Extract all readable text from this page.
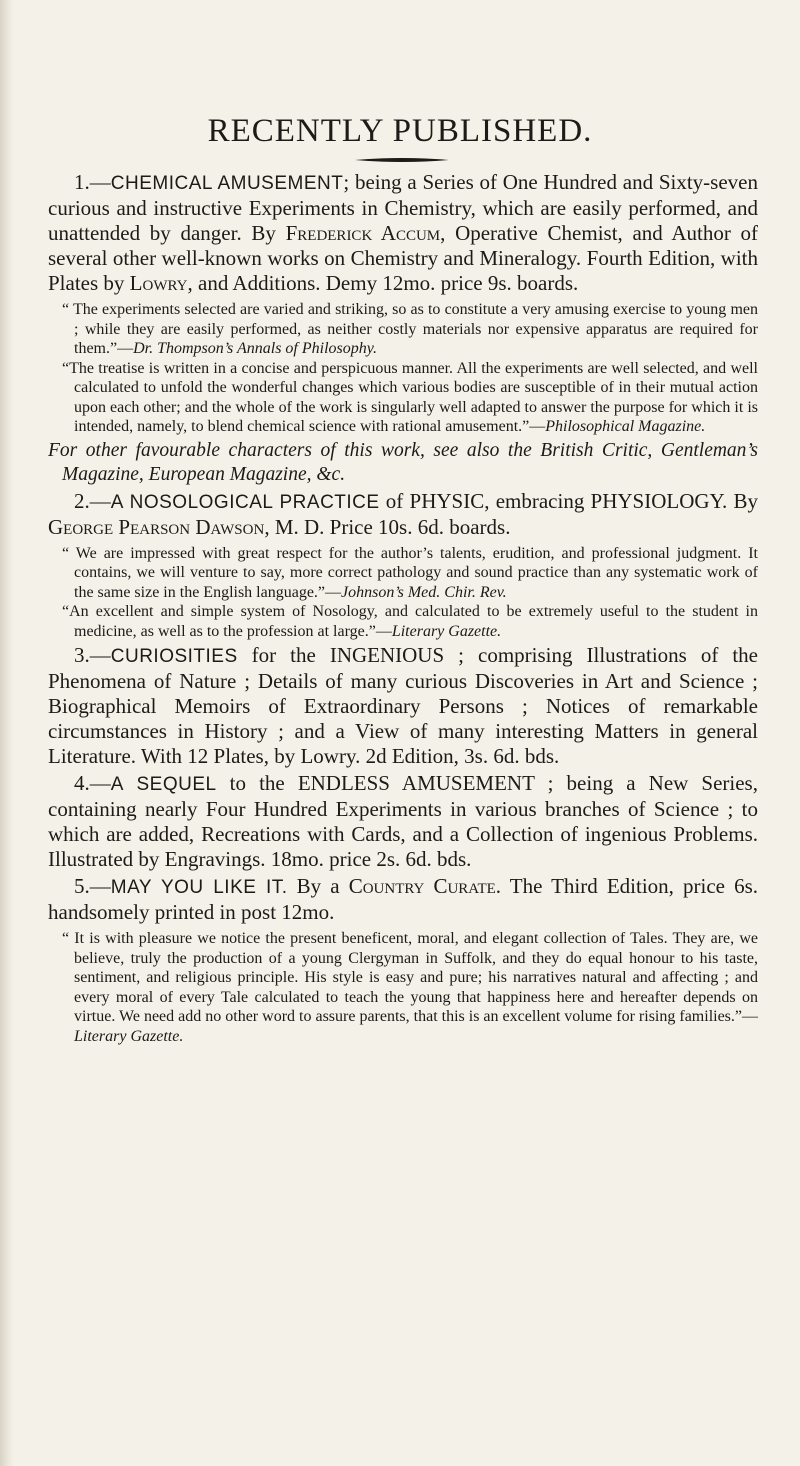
RECENTLY PUBLISHED.

1.—CHEMICAL AMUSEMENT; being a Series of One Hundred and Sixty-seven curious and instructive Experiments in Chemistry, which are easily performed, and unattended by danger. By Frederick Accum, Operative Chemist, and Author of several other well-known works on Chemistry and Mineralogy. Fourth Edition, with Plates by Lowry, and Additions. Demy 12mo. price 9s. boards.

“ The experiments selected are varied and striking, so as to constitute a very amusing exercise to young men ; while they are easily performed, as neither costly materials nor expensive apparatus are required for them.”—Dr. Thompson’s Annals of Philosophy.

“The treatise is written in a concise and perspicuous manner. All the experiments are well selected, and well calculated to unfold the wonderful changes which various bodies are susceptible of in their mutual action upon each other; and the whole of the work is singularly well adapted to answer the purpose for which it is intended, namely, to blend chemical science with rational amusement.”—Philosophical Magazine.

For other favourable characters of this work, see also the British Critic, Gentleman’s Magazine, European Magazine, &c.

2.—A NOSOLOGICAL PRACTICE of PHYSIC, embracing PHYSIOLOGY. By George Pearson Dawson, M. D. Price 10s. 6d. boards.

“ We are impressed with great respect for the author’s talents, erudition, and professional judgment. It contains, we will venture to say, more correct pathology and sound practice than any systematic work of the same size in the English language.”—Johnson’s Med. Chir. Rev.

“An excellent and simple system of Nosology, and calculated to be extremely useful to the student in medicine, as well as to the profession at large.”—Literary Gazette.

3.—CURIOSITIES for the INGENIOUS ; comprising Illustrations of the Phenomena of Nature ; Details of many curious Discoveries in Art and Science ; Biographical Memoirs of Extraordinary Persons ; Notices of remarkable circumstances in History ; and a View of many interesting Matters in general Literature. With 12 Plates, by Lowry. 2d Edition, 3s. 6d. bds.

4.—A SEQUEL to the ENDLESS AMUSEMENT ; being a New Series, containing nearly Four Hundred Experiments in various branches of Science ; to which are added, Recreations with Cards, and a Collection of ingenious Problems. Illustrated by Engravings. 18mo. price 2s. 6d. bds.

5.—MAY YOU LIKE IT. By a Country Curate. The Third Edition, price 6s. handsomely printed in post 12mo.

“ It is with pleasure we notice the present beneficent, moral, and elegant collection of Tales. They are, we believe, truly the production of a young Clergyman in Suffolk, and they do equal honour to his taste, sentiment, and religious principle. His style is easy and pure; his narratives natural and affecting ; and every moral of every Tale calculated to teach the young that happiness here and hereafter depends on virtue. We need add no other word to assure parents, that this is an excellent volume for rising families.”—Literary Gazette.
